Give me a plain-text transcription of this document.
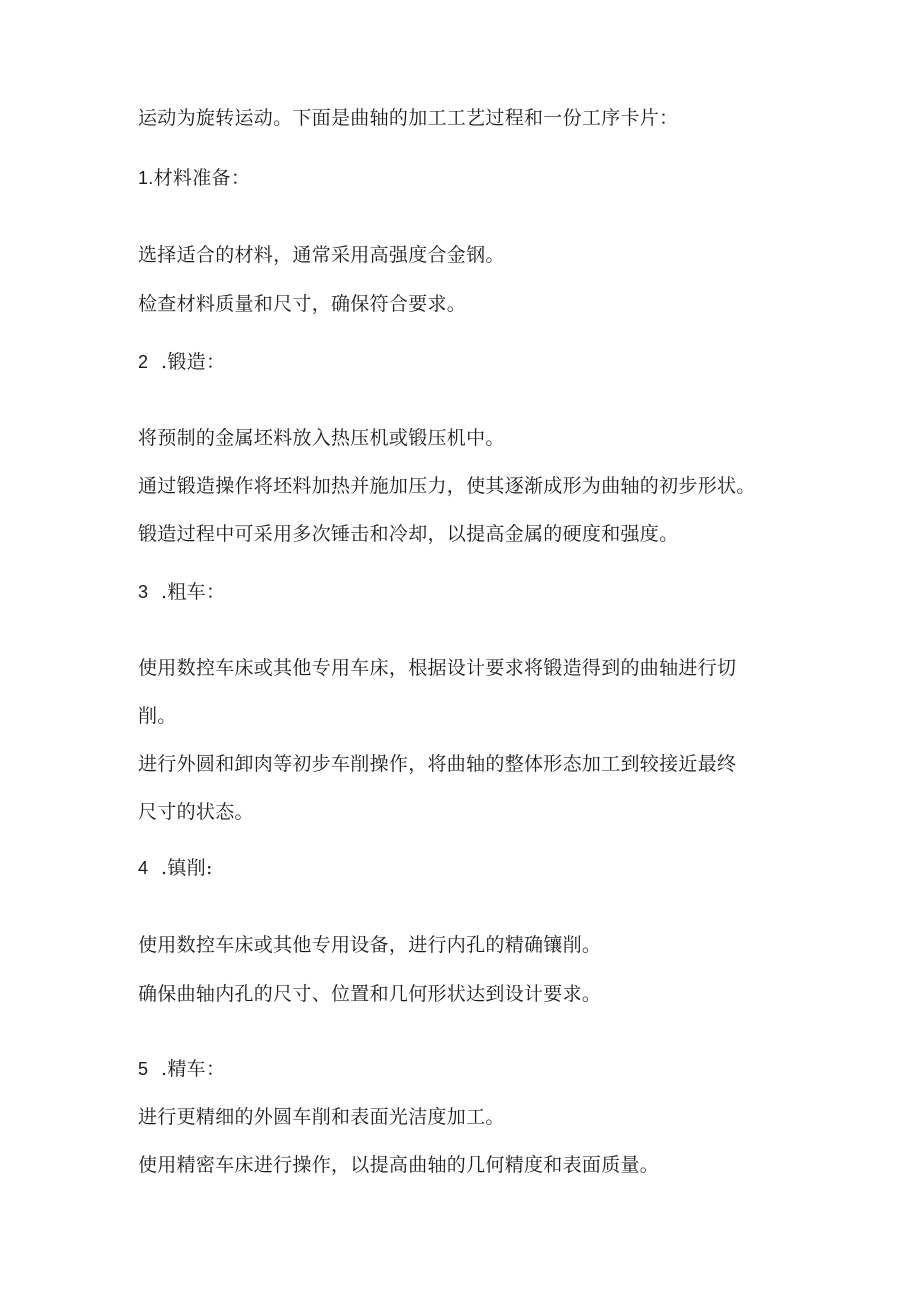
运动为旋转运动。下面是曲轴的加工工艺过程和一份工序卡片：

1.材料准备：

选择适合的材料，通常采用高强度合金钢。

检查材料质量和尺寸，确保符合要求。

2 .锻造：

将预制的金属坯料放入热压机或锻压机中。

通过锻造操作将坯料加热并施加压力，使其逐渐成形为曲轴的初步形状。

锻造过程中可采用多次锤击和冷却，以提高金属的硬度和强度。

3 .粗车：

使用数控车床或其他专用车床，根据设计要求将锻造得到的曲轴进行切

削。

进行外圆和卸肉等初步车削操作，将曲轴的整体形态加工到较接近最终

尺寸的状态。

4 .镇削:

使用数控车床或其他专用设备，进行内孔的精确镶削。

确保曲轴内孔的尺寸、位置和几何形状达到设计要求。

5 .精车：

进行更精细的外圆车削和表面光洁度加工。

使用精密车床进行操作，以提高曲轴的几何精度和表面质量。
